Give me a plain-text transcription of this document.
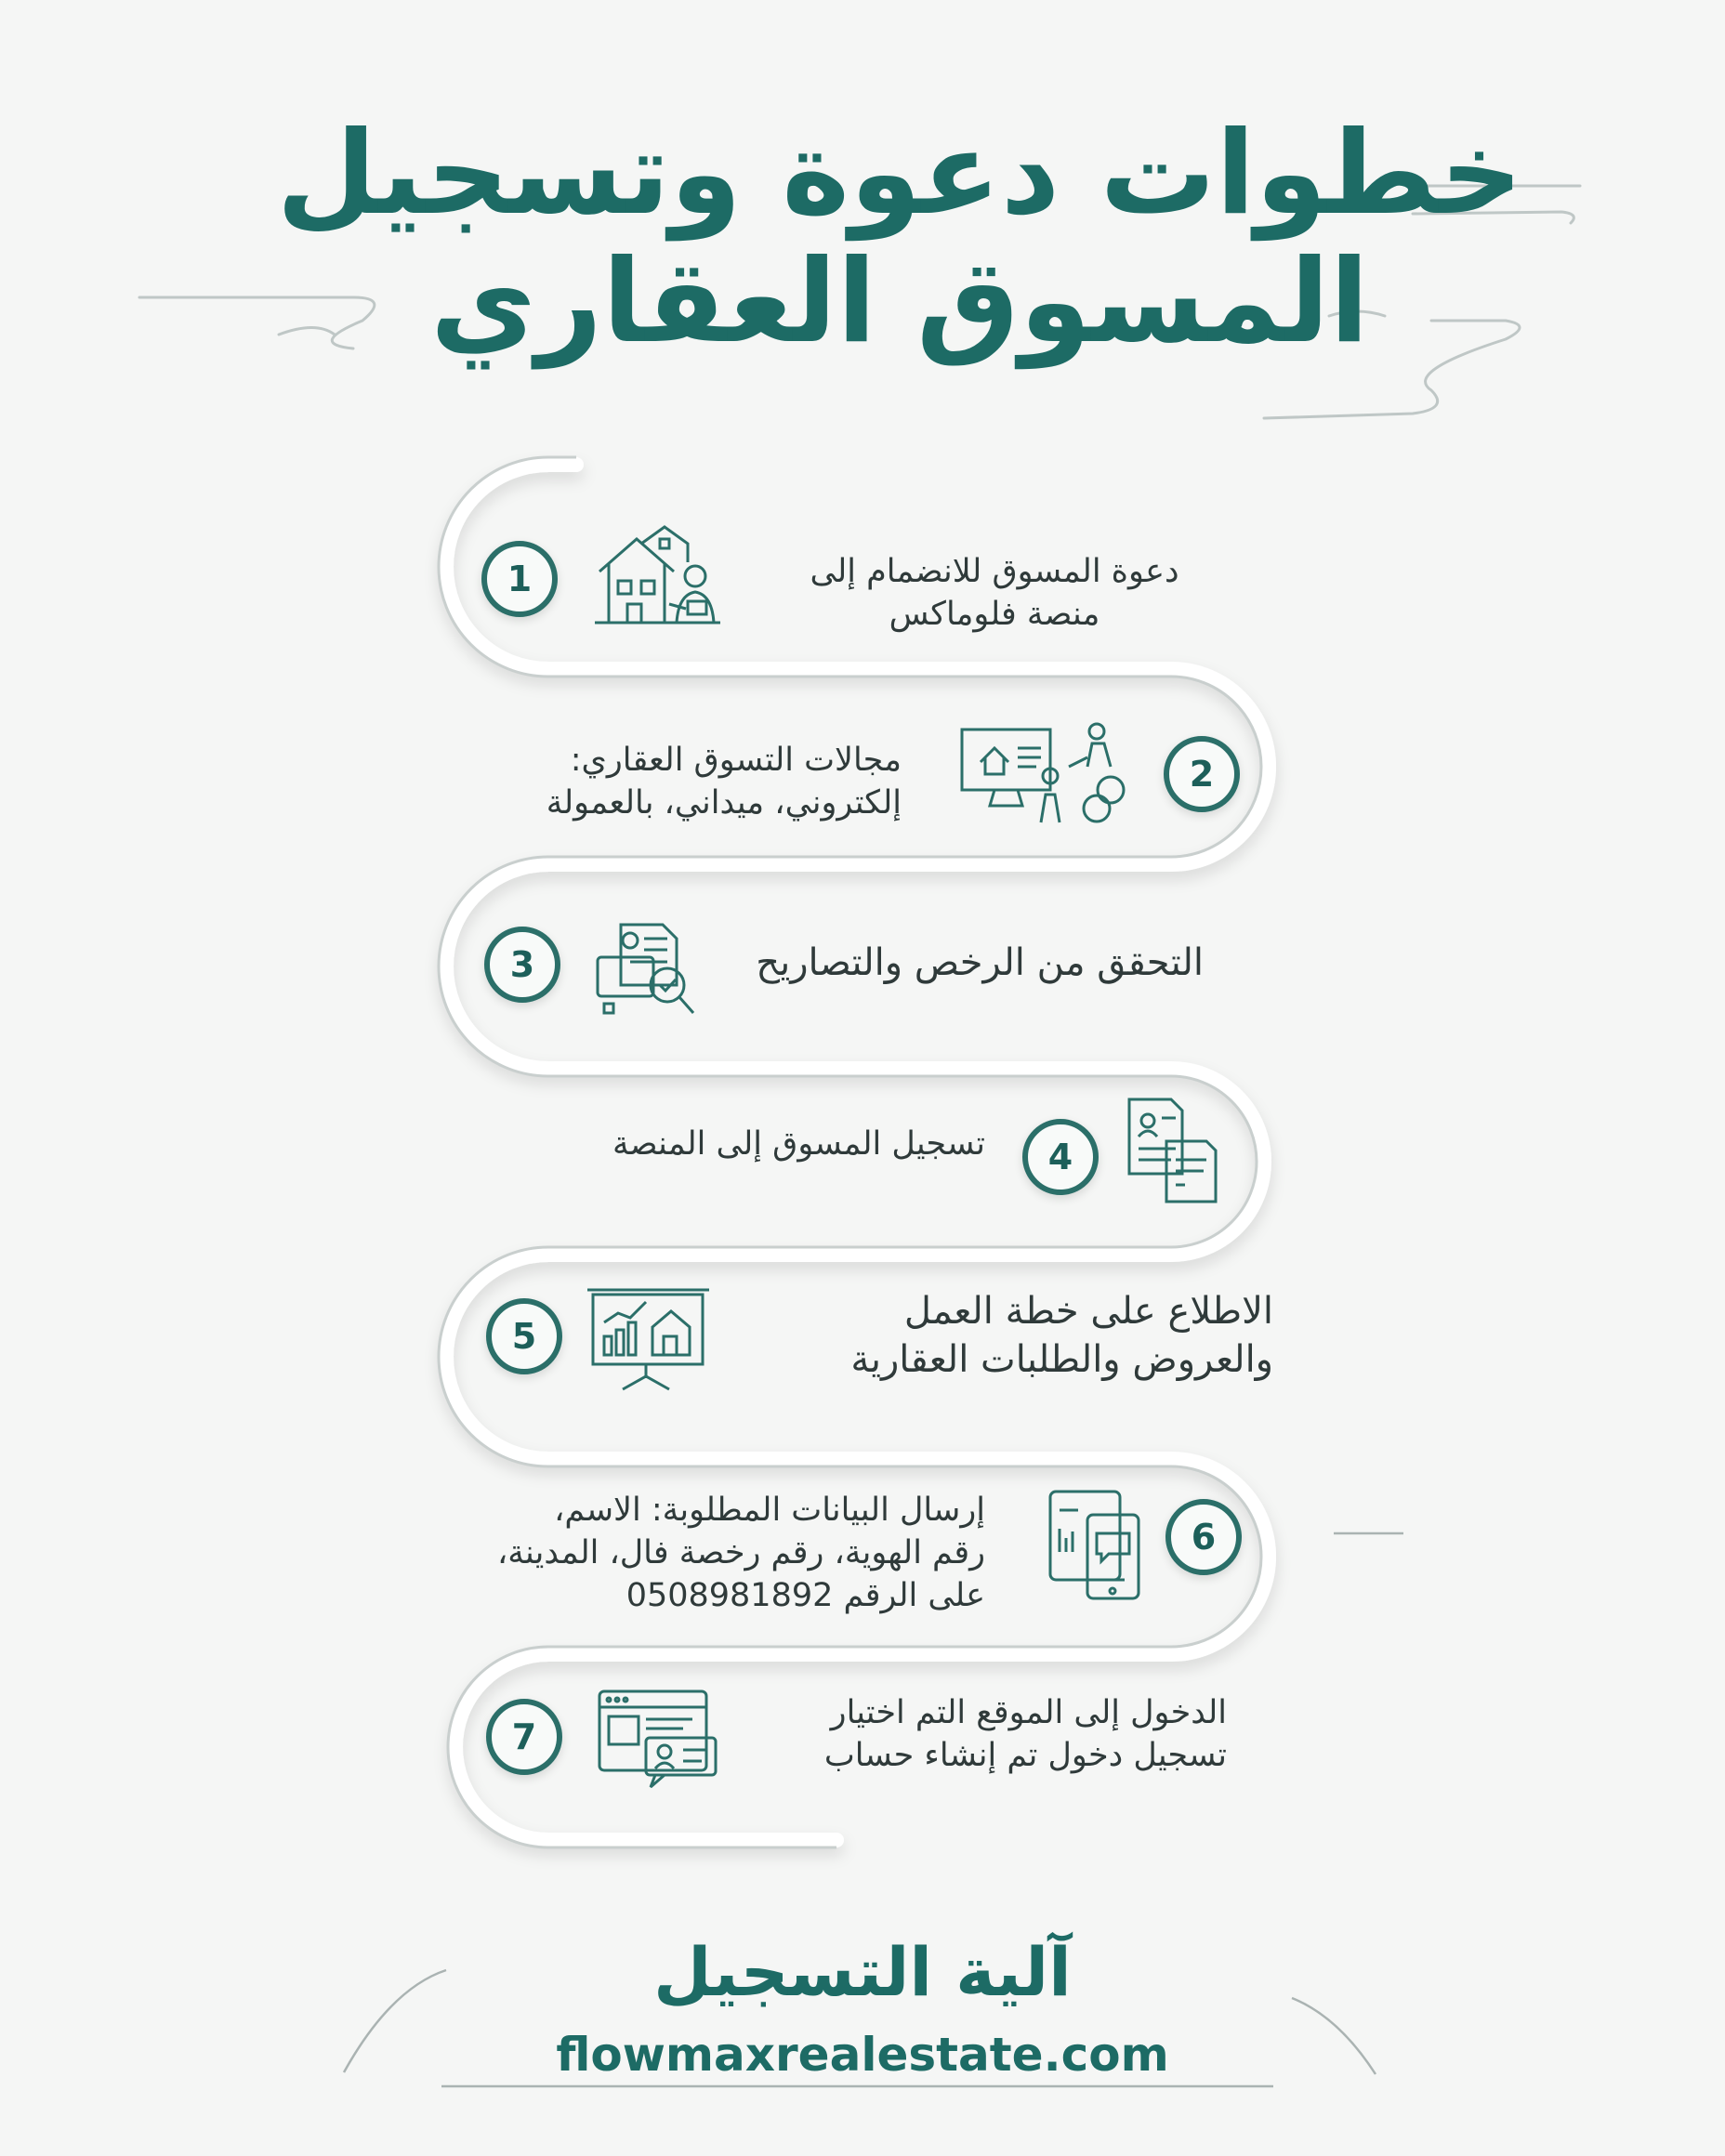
خطوات دعوة وتسجيل
المسوق العقاري
1	دعوة المسوق للانضمام إلى
منصة فلوماكس
2
مجالات التسوق العقاري:
إلكتروني، ميداني، بالعمولة
3	التحقق من الرخص والتصاريح
4
تسجيل المسوق إلى المنصة
5
الاطلاع على خطة العمل
والعروض والطلبات العقارية
6
إرسال البيانات المطلوبة: الاسم،
رقم الهوية، رقم رخصة فال، المدينة،
على الرقم 0508981892
7
الدخول إلى الموقع التم اختيار
تسجيل دخول تم إنشاء حساب
آلية التسجيل
flowmaxrealestate.com
